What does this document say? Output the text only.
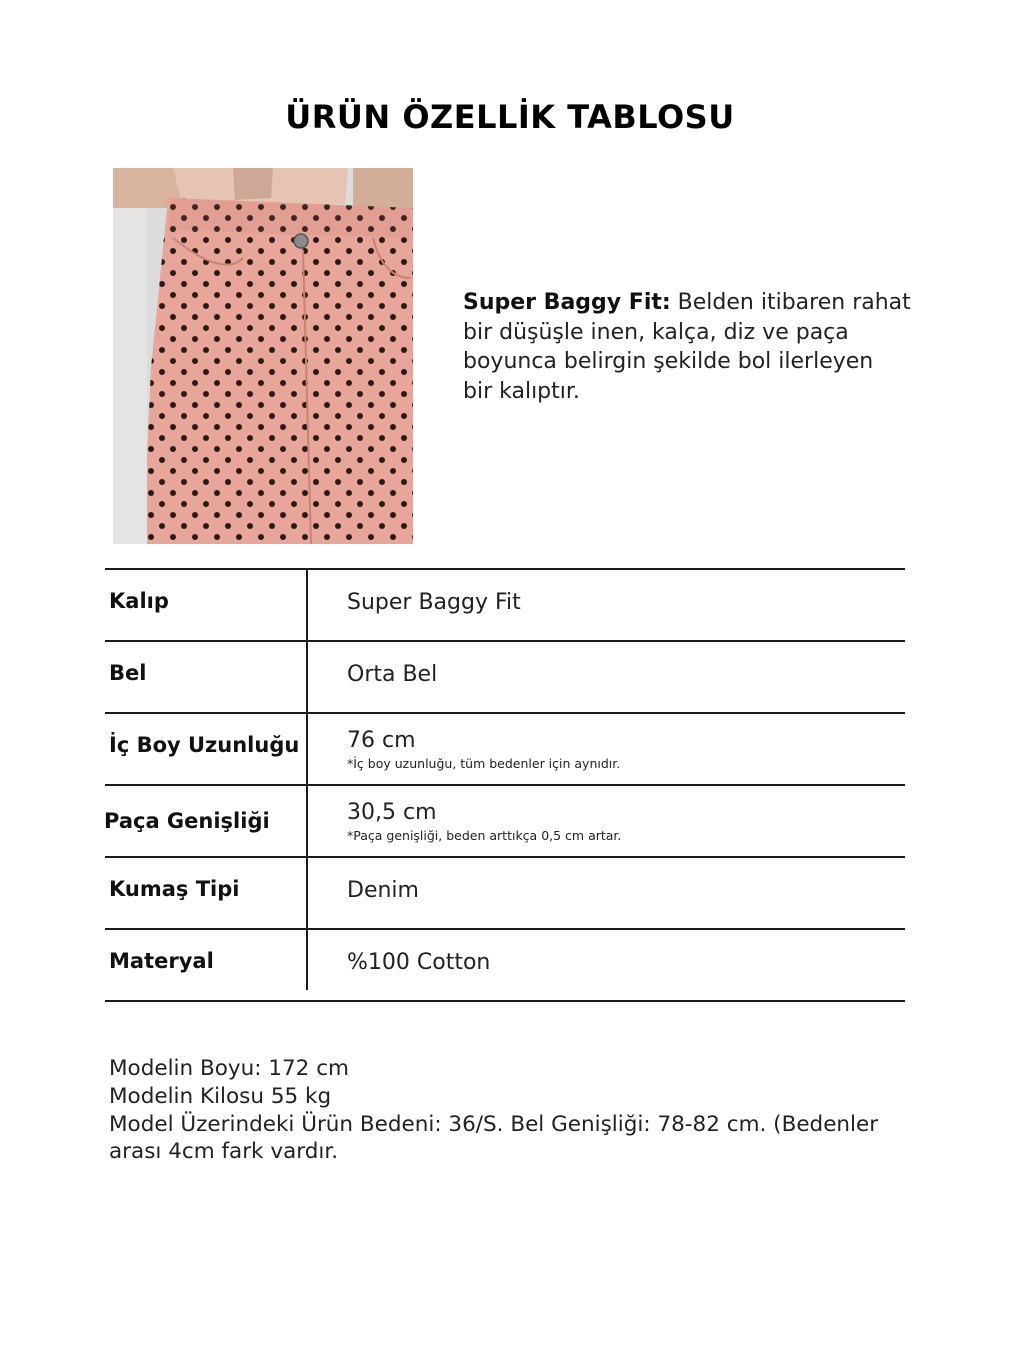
ÜRÜN ÖZELLİK TABLOSU
Super Baggy Fit: Belden itibaren rahat
bir düşüşle inen, kalça, diz ve paça
boyunca belirgin şekilde bol ilerleyen
bir kalıptır.
Kalıp	Super Baggy Fit
Bel	Orta Bel
İç Boy Uzunluğu 76 cm
*İç boy uzunluğu, tüm bedenler için aynıdır.
Paça Genişliği	30,5 cm
*Paça genişliği, beden arttıkça 0,5 cm artar.
Kumaş Tipi	Denim
Materyal	%100 Cotton
Modelin Boyu: 172 cm
Modelin Kilosu 55 kg
Model Üzerindeki Ürün Bedeni: 36/S. Bel Genişliği: 78-82 cm. (Bedenler
arası 4cm fark vardır.
